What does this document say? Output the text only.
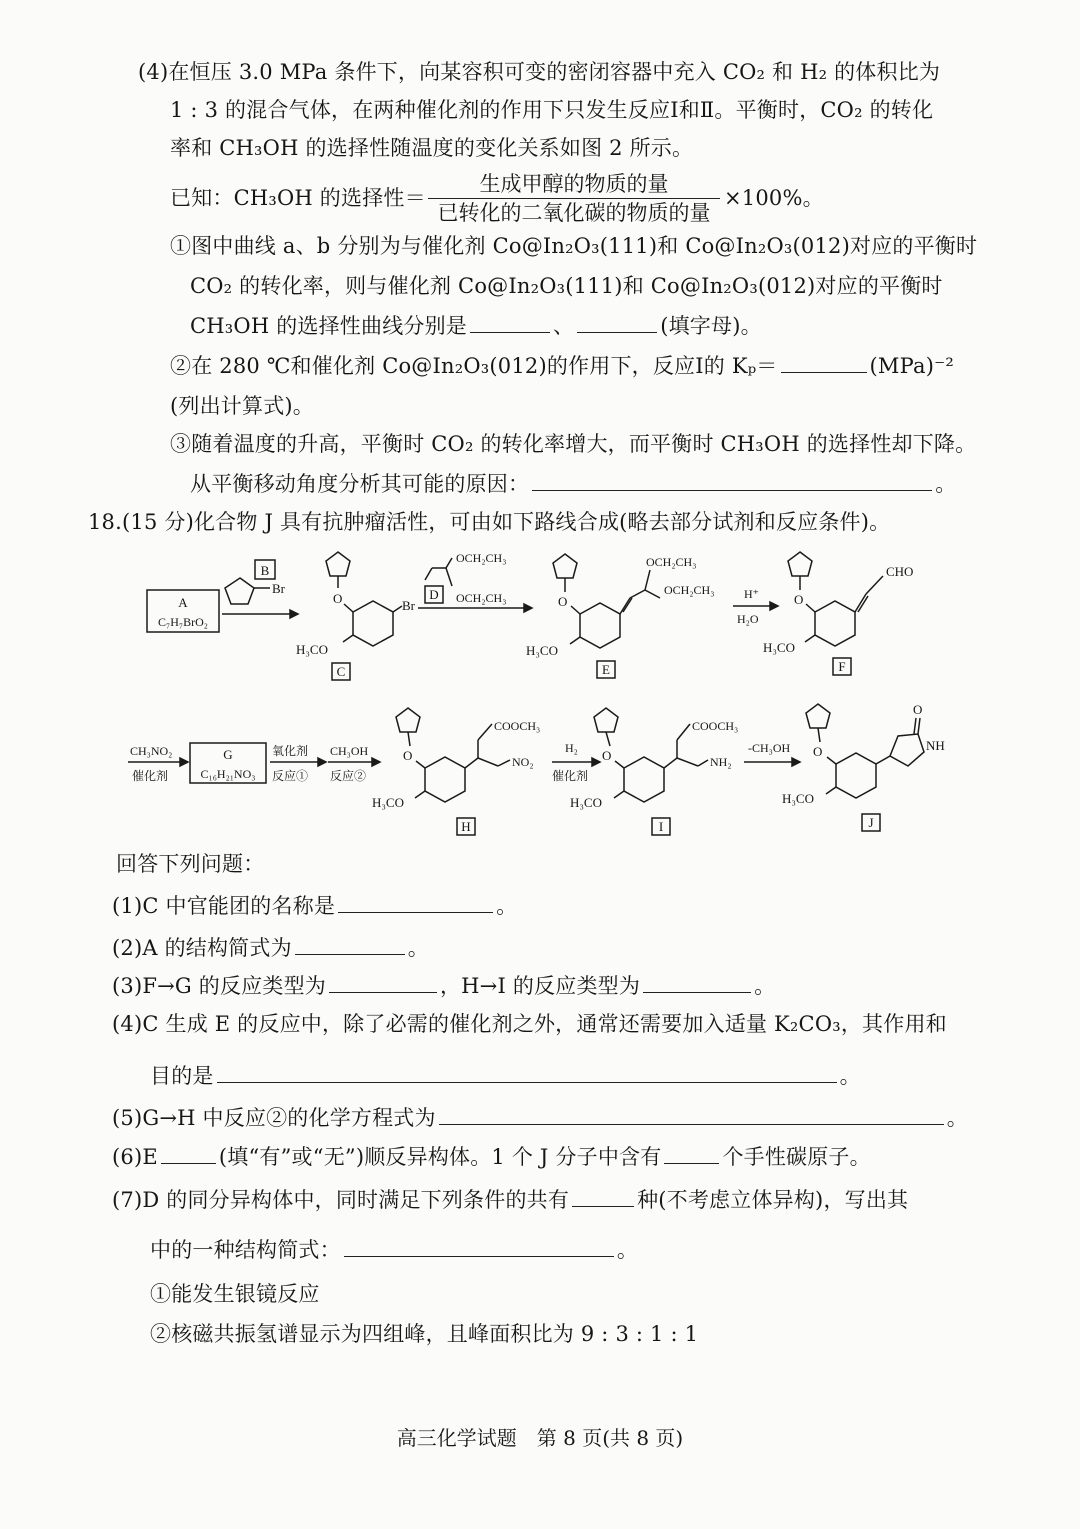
(4)在恒压 3.0 MPa 条件下，向某容积可变的密闭容器中充入 CO₂ 和 H₂ 的体积比为
1 : 3 的混合气体，在两种催化剂的作用下只发生反应Ⅰ和Ⅱ。平衡时，CO₂ 的转化
率和 CH₃OH 的选择性随温度的变化关系如图 2 所示。
已知：CH₃OH 的选择性＝
生成甲醇的物质的量
已转化的二氧化碳的物质的量
×100%。
①图中曲线 a、b 分别为与催化剂 Co@In₂O₃(111)和 Co@In₂O₃(012)对应的平衡时
CO₂ 的转化率，则与催化剂 Co@In₂O₃(111)和 Co@In₂O₃(012)对应的平衡时
CH₃OH 的选择性曲线分别是	、	(填字母)。
②在 280 ℃和催化剂 Co@In₂O₃(012)的作用下，反应Ⅰ的 Kₚ＝	(MPa)⁻²
(列出计算式)。
③随着温度的升高，平衡时 CO₂ 的转化率增大，而平衡时 CH₃OH 的选择性却下降。
从平衡移动角度分析其可能的原因：	。
18.(15 分)化合物 J 具有抗肿瘤活性，可由如下路线合成(略去部分试剂和反应条件)。
A
C₇H₇BrO₂
B
Br
O	Br
H₃CO
C
OCH₂CH₃
OCH₂CH₃
D	O
H₃CO
OCH₂CH₃
OCH₂CH₃
E
H⁺
H₂O
O
H₃CO
CHO
F
CH₃NO₂
催化剂
G
C₁₆H₂₁NO₃
氧化剂
反应①
CH₃OH
反应②
O
H₃CO
COOCH₃
NO₂
H
H₂
催化剂
O
H₃CO
COOCH₃
NH₂
I
-CH₃OH O
H₃CO
O
NH
J
回答下列问题：
(1)C 中官能团的名称是	。
(2)A 的结构简式为	。
(3)F→G 的反应类型为	，H→I 的反应类型为	。
(4)C 生成 E 的反应中，除了必需的催化剂之外，通常还需要加入适量 K₂CO₃，其作用和
目的是	。
(5)G→H 中反应②的化学方程式为	。
(6)E	(填“有”或“无”)顺反异构体。1 个 J 分子中含有	个手性碳原子。
(7)D 的同分异构体中，同时满足下列条件的共有	种(不考虑立体异构)，写出其
中的一种结构简式：	。
①能发生银镜反应
②核磁共振氢谱显示为四组峰，且峰面积比为 9 : 3 : 1 : 1
高三化学试题　第 8 页(共 8 页)
